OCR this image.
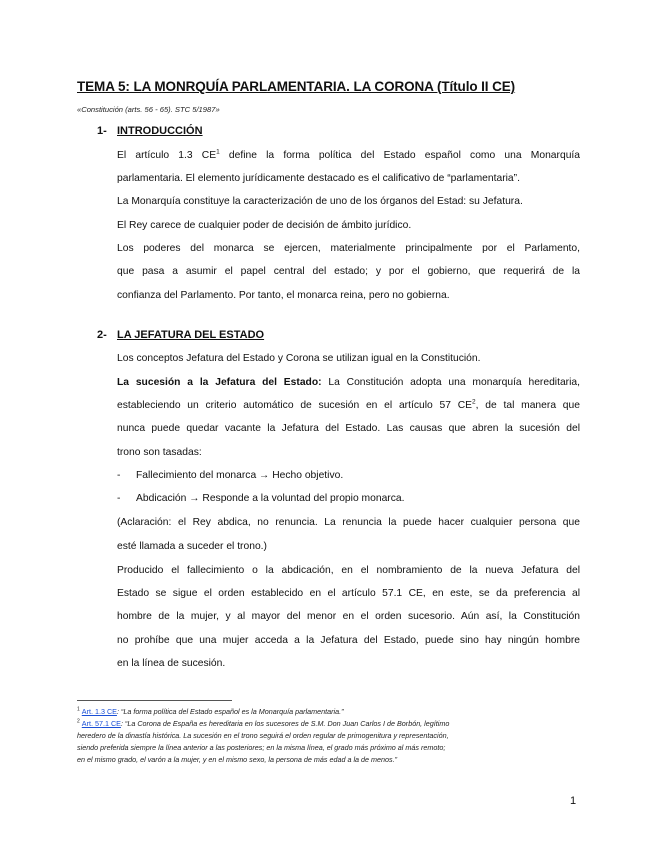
TEMA 5: LA MONRQUÍA PARLAMENTARIA. LA CORONA (Título II CE)
«Constitución (arts. 56 - 65). STC 5/1987»
1- INTRODUCCIÓN
El artículo 1.3 $CE^1$ define la forma política del Estado español como una Monarquía
parlamentaria. El elemento jurídicamente destacado es el calificativo de “parlamentaria”.
La Monarquía constituye la caracterización de uno de los órganos del Estad: su Jefatura.
El Rey carece de cualquier poder de decisión de ámbito jurídico.
Los poderes del monarca se ejercen, materialmente principalmente por el Parlamento,
que pasa a asumir el papel central del estado; y por el gobierno, que requerirá de la
confianza del Parlamento. Por tanto, el monarca reina, pero no gobierna.
2- LA JEFATURA DEL ESTADO
Los conceptos Jefatura del Estado y Corona se utilizan igual en la Constitución.
La sucesión a la Jefatura del Estado: La Constitución adopta una monarquía hereditaria,
estableciendo un criterio automático de sucesión en el artículo 57 $CE^2$, de tal manera que
nunca puede quedar vacante la Jefatura del Estado. Las causas que abren la sucesión del
trono son tasadas:
- Fallecimiento del monarca → Hecho objetivo.
- Abdicación → Responde a la voluntad del propio monarca.
(Aclaración: el Rey abdica, no renuncia. La renuncia la puede hacer cualquier persona que
esté llamada a suceder el trono.)
Producido el fallecimiento o la abdicación, en el nombramiento de la nueva Jefatura del
Estado se sigue el orden establecido en el artículo 57.1 CE, en este, se da preferencia al
hombre de la mujer, y al mayor del menor en el orden sucesorio. Aún así, la Constitución
no prohíbe que una mujer acceda a la Jefatura del Estado, puede sino hay ningún hombre
en la línea de sucesión.
$^1$ Art. 1.3 CE: “La forma política del Estado español es la Monarquía parlamentaria.”
$^2$ Art. 57.1 CE: “La Corona de España es hereditaria en los sucesores de S.M. Don Juan Carlos I de Borbón, legítimo
heredero de la dinastía histórica. La sucesión en el trono seguirá el orden regular de primogenitura y representación,
siendo preferida siempre la línea anterior a las posteriores; en la misma línea, el grado más próximo al más remoto;
en el mismo grado, el varón a la mujer, y en el mismo sexo, la persona de más edad a la de menos.”
1
